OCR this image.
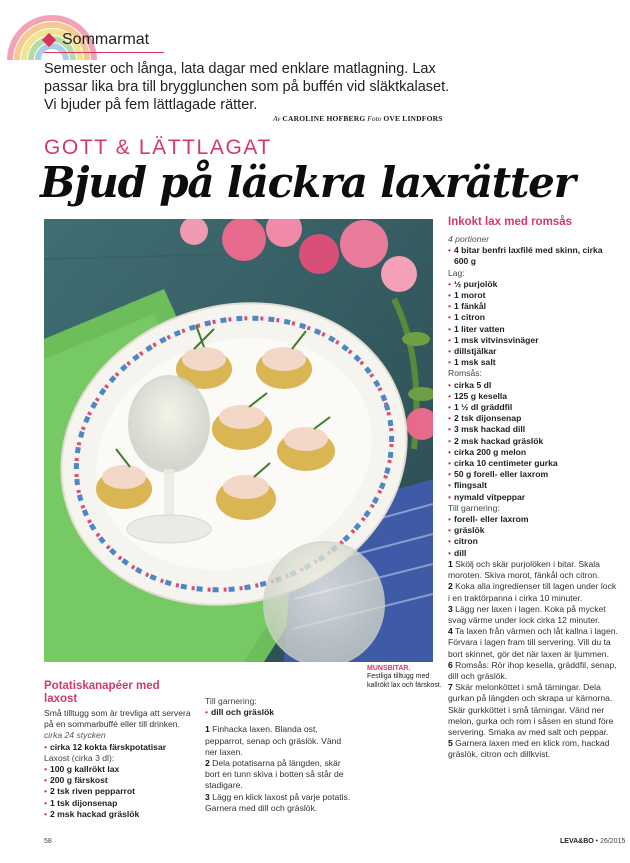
Sommarmat

Semester och långa, lata dagar med enklare matlagning. Lax passar lika bra till brygglunchen som på buffén vid släktkalaset. Vi bjuder på fem lättlagade rätter.

Av CAROLINE HOFBERG Foto OVE LINDFORS
GOTT & LÄTTLAGAT
Bjud på läckra laxrätter
Inkokt lax med romsås
4 portioner
• 4 bitar benfri laxfilé med skinn, cirka 600 g
Lag:
• ½ purjolök
• 1 morot
• 1 fänkål
• 1 citron
• 1 liter vatten
• 1 msk vitvinsvinäger
• dillstjälkar
• 1 msk salt
Romsås:
• cirka 5 dl
• 125 g kesella
• 1 ½ dl gräddfil
• 2 tsk dijonsenap
• 3 msk hackad dill
• 2 msk hackad gräslök
• cirka 200 g melon
• cirka 10 centimeter gurka
• 50 g forell- eller laxrom
• flingsalt
• nymald vitpeppar
Till garnering:
• forell- eller laxrom
• gräslök
• citron
• dill
1 Skölj och skär purjolöken i bitar. Skala moroten. Skiva morot, fänkål och citron.
2 Koka alla ingredienser till lagen under lock i en traktörpanna i cirka 10 minuter.
3 Lägg ner laxen i lagen. Koka på mycket svag värme under lock cirka 12 minuter.
4 Ta laxen från värmen och låt kallna i lagen. Förvara i lagen fram till servering. Vill du ta bort skinnet, gör det när laxen är ljummen.
6 Romsås: Rör ihop kesella, gräddfil, senap, dill och gräslök.
7 Skär melonköttet i små tärningar. Dela gurkan på längden och skrapa ur kärnorna. Skär gurkköttet i små tärningar. Vänd ner melon, gurka och rom i såsen en stund före servering. Smaka av med salt och peppar.
5 Garnera laxen med en klick rom, hackad gräslök, citron och dillkvist.
MUNSBITAR.
Festliga tilltugg med kallrökt lax och färskost.
Potatiskanapéer med laxost
Små tilltugg som är trevliga att servera på en sommarbuffé eller till drinken.
cirka 24 stycken
• cirka 12 kokta färskpotatisar
Laxost (cirka 3 dl):
• 100 g kallrökt lax
• 200 g färskost
• 2 tsk riven pepparrot
• 1 tsk dijonsenap
• 2 msk hackad gräslök
Till garnering:
• dill och gräslök
1 Finhacka laxen. Blanda ost, pepparrot, senap och gräslök. Vänd ner laxen.
2 Dela potatisarna på längden, skär bort en tunn skiva i botten så står de stadigare.
3 Lägg en klick laxost på varje potatis. Garnera med dill och gräslök.
58	LEVA&BO • 26/2015
